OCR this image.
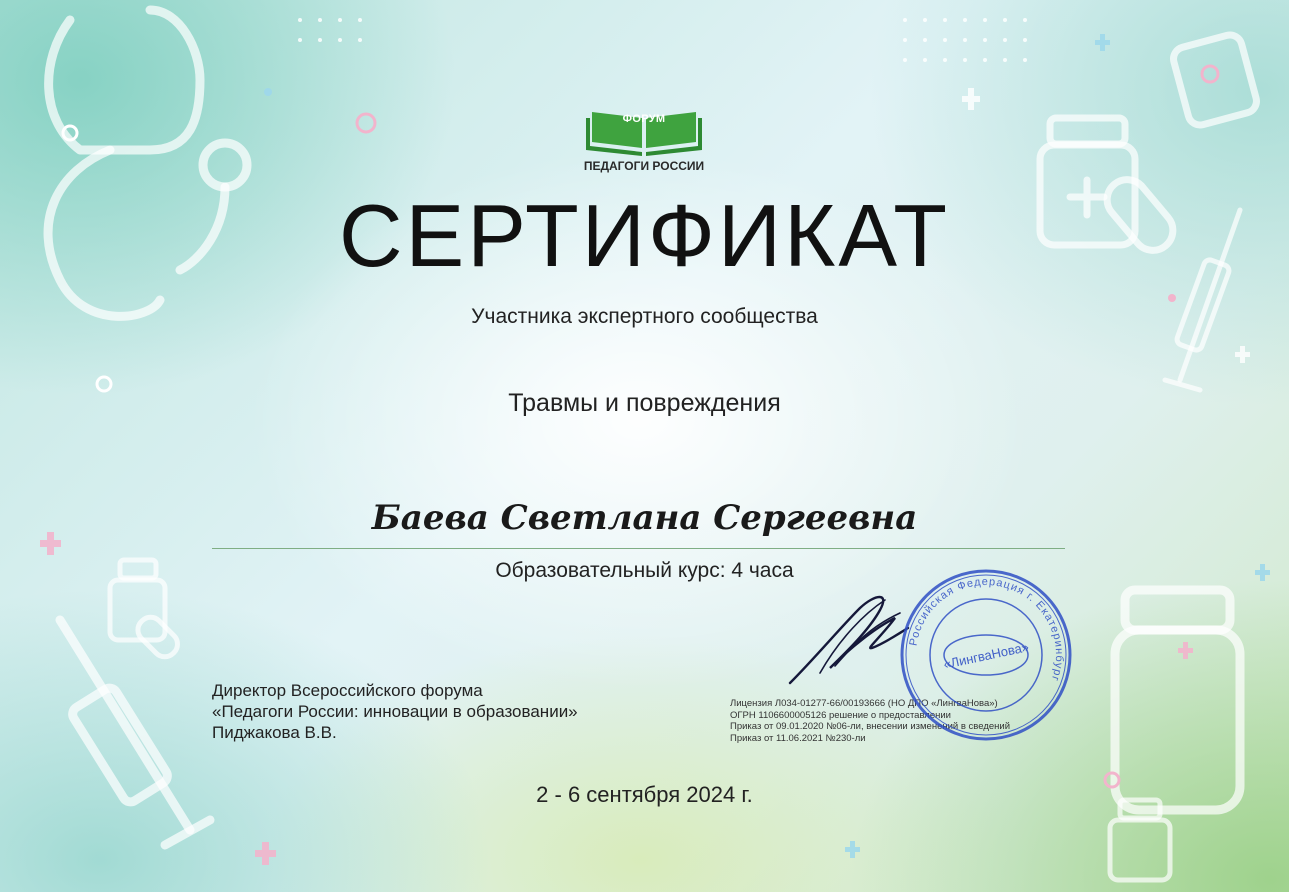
ФОРУМ
ПЕДАГОГИ РОССИИ
СЕРТИФИКАТ
Участника экспертного сообщества
Травмы и повреждения
Баева Светлана Сергеевна
Образовательный курс: 4 часа
Директор Всероссийского форума
«Педагоги России: инновации в образовании»
Пиджакова В.В.
Лицензия Л034-01277-66/00193666 (НО ДПО «ЛингваНова»)
ОГРН 1106600005126 решение о предоставлении
Приказ от 09.01.2020 №06-ли, внесении изменений в сведений
Приказ от 11.06.2021 №230-ли
Российская Федерация г. Екатеринбург
«ЛингваНова»
2 - 6 сентября 2024 г.
